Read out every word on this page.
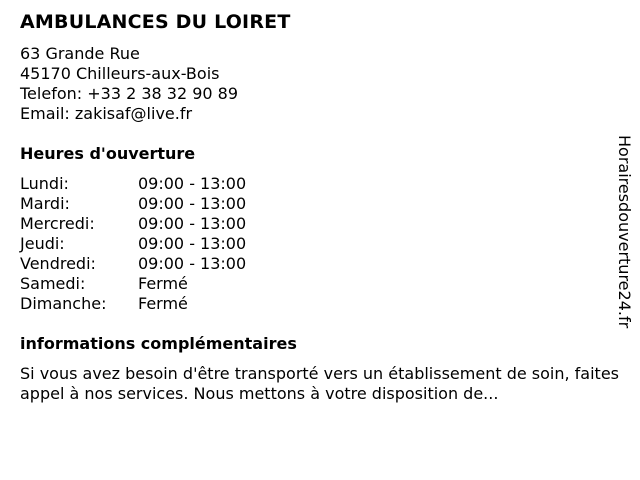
AMBULANCES DU LOIRET
63 Grande Rue
45170 Chilleurs-aux-Bois
Telefon: +33 2 38 32 90 89
Email: zakisaf@live.fr
Heures d'ouverture
Lundi:	09:00 - 13:00
Mardi:	09:00 - 13:00
Mercredi:	09:00 - 13:00
Jeudi:	09:00 - 13:00
Vendredi:	09:00 - 13:00
Samedi:	Fermé
Dimanche:	Fermé
informations complémentaires
Si vous avez besoin d'être transporté vers un établissement de soin, faites appel à nos services. Nous mettons à votre disposition de...
Horairesdouverture24.fr
